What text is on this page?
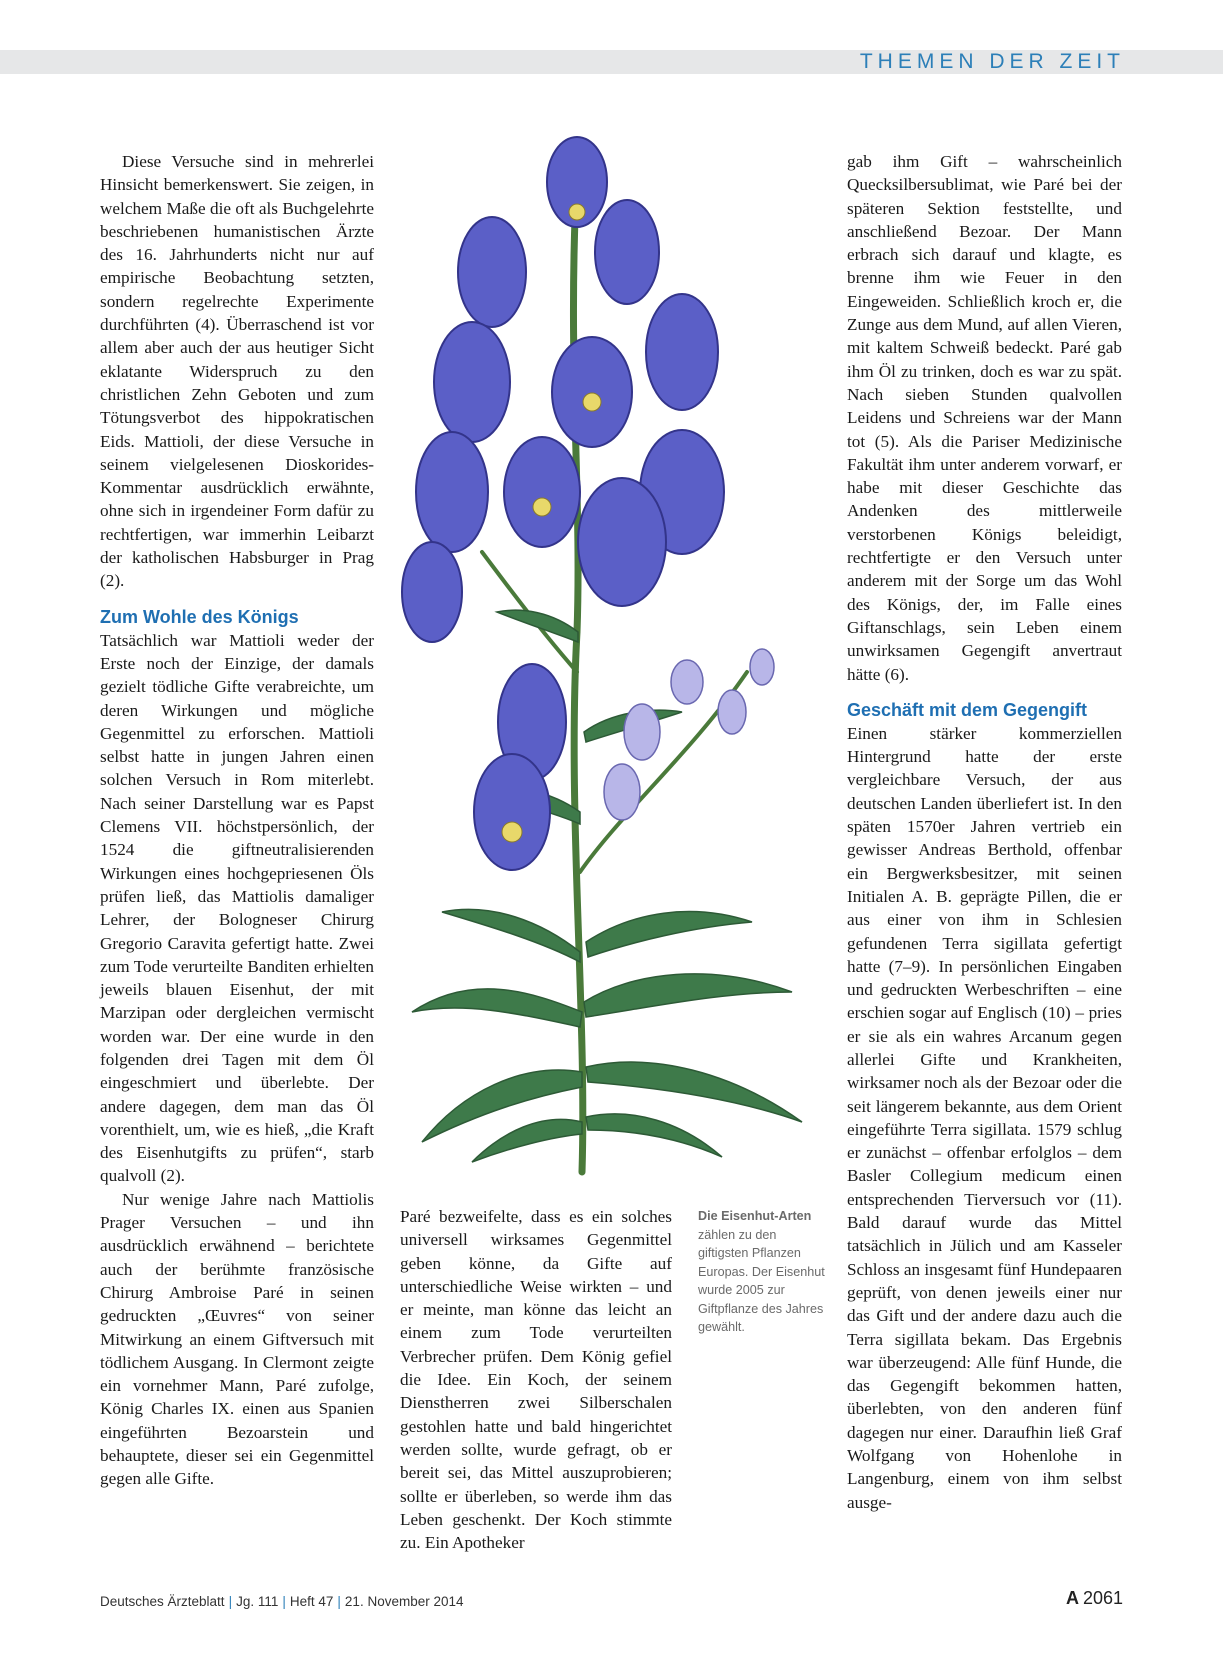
THEMEN DER ZEIT

Diese Versuche sind in mehrerlei Hinsicht bemerkenswert. Sie zeigen, in welchem Maße die oft als Buchgelehrte beschriebenen humanistischen Ärzte des 16. Jahrhunderts nicht nur auf empirische Beobachtung setzten, sondern regelrechte Experimente durchführten (4). Überraschend ist vor allem aber auch der aus heutiger Sicht eklatante Widerspruch zu den christlichen Zehn Geboten und zum Tötungsverbot des hippokratischen Eids. Mattioli, der diese Versuche in seinem vielgelesenen Dioskorides-Kommentar ausdrücklich erwähnte, ohne sich in irgendeiner Form dafür zu rechtfertigen, war immerhin Leibarzt der katholischen Habsburger in Prag (2).

Zum Wohle des Königs

Tatsächlich war Mattioli weder der Erste noch der Einzige, der damals gezielt tödliche Gifte verabreichte, um deren Wirkungen und mögliche Gegenmittel zu erforschen. Mattioli selbst hatte in jungen Jahren einen solchen Versuch in Rom miterlebt. Nach seiner Darstellung war es Papst Clemens VII. höchstpersönlich, der 1524 die giftneutralisierenden Wirkungen eines hochgepriesenen Öls prüfen ließ, das Mattiolis damaliger Lehrer, der Bologneser Chirurg Gregorio Caravita gefertigt hatte. Zwei zum Tode verurteilte Banditen erhielten jeweils blauen Eisenhut, der mit Marzipan oder dergleichen vermischt worden war. Der eine wurde in den folgenden drei Tagen mit dem Öl eingeschmiert und überlebte. Der andere dagegen, dem man das Öl vorenthielt, um, wie es hieß, „die Kraft des Eisenhutgifts zu prüfen“, starb qualvoll (2).

Nur wenige Jahre nach Mattiolis Prager Versuchen – und ihn ausdrücklich erwähnend – berichtete auch der berühmte französische Chirurg Ambroise Paré in seinen gedruckten „Œuvres“ von seiner Mitwirkung an einem Giftversuch mit tödlichem Ausgang. In Clermont zeigte ein vornehmer Mann, Paré zufolge, König Charles IX. einen aus Spanien eingeführten Bezoarstein und behauptete, dieser sei ein Gegenmittel gegen alle Gifte.

Paré bezweifelte, dass es ein solches universell wirksames Gegenmittel geben könne, da Gifte auf unterschiedliche Weise wirkten – und er meinte, man könne das leicht an einem zum Tode verurteilten Verbrecher prüfen. Dem König gefiel die Idee. Ein Koch, der seinem Dienstherren zwei Silberschalen gestohlen hatte und bald hingerichtet werden sollte, wurde gefragt, ob er bereit sei, das Mittel auszuprobieren; sollte er überleben, so werde ihm das Leben geschenkt. Der Koch stimmte zu. Ein Apotheker

Die Eisenhut-Arten zählen zu den giftigsten Pflanzen Europas. Der Eisenhut wurde 2005 zur Giftpflanze des Jahres gewählt.

gab ihm Gift – wahrscheinlich Quecksilbersublimat, wie Paré bei der späteren Sektion feststellte, und anschließend Bezoar. Der Mann erbrach sich darauf und klagte, es brenne ihm wie Feuer in den Eingeweiden. Schließlich kroch er, die Zunge aus dem Mund, auf allen Vieren, mit kaltem Schweiß bedeckt. Paré gab ihm Öl zu trinken, doch es war zu spät. Nach sieben Stunden qualvollen Leidens und Schreiens war der Mann tot (5). Als die Pariser Medizinische Fakultät ihm unter anderem vorwarf, er habe mit dieser Geschichte das Andenken des mittlerweile verstorbenen Königs beleidigt, rechtfertigte er den Versuch unter anderem mit der Sorge um das Wohl des Königs, der, im Falle eines Giftanschlags, sein Leben einem unwirksamen Gegengift anvertraut hätte (6).

Geschäft mit dem Gegengift

Einen stärker kommerziellen Hintergrund hatte der erste vergleichbare Versuch, der aus deutschen Landen überliefert ist. In den späten 1570er Jahren vertrieb ein gewisser Andreas Berthold, offenbar ein Bergwerksbesitzer, mit seinen Initialen A. B. geprägte Pillen, die er aus einer von ihm in Schlesien gefundenen Terra sigillata gefertigt hatte (7–9). In persönlichen Eingaben und gedruckten Werbeschriften – eine erschien sogar auf Englisch (10) – pries er sie als ein wahres Arcanum gegen allerlei Gifte und Krankheiten, wirksamer noch als der Bezoar oder die seit längerem bekannte, aus dem Orient eingeführte Terra sigillata. 1579 schlug er zunächst – offenbar erfolglos – dem Basler Collegium medicum einen entsprechenden Tierversuch vor (11). Bald darauf wurde das Mittel tatsächlich in Jülich und am Kasseler Schloss an insgesamt fünf Hundepaaren geprüft, von denen jeweils einer nur das Gift und der andere dazu auch die Terra sigillata bekam. Das Ergebnis war überzeugend: Alle fünf Hunde, die das Gegengift bekommen hatten, überlebten, von den anderen fünf dagegen nur einer. Daraufhin ließ Graf Wolfgang von Hohenlohe in Langenburg, einem von ihm selbst ausge-

Deutsches Ärzteblatt | Jg. 111 | Heft 47 | 21. November 2014	A 2061
